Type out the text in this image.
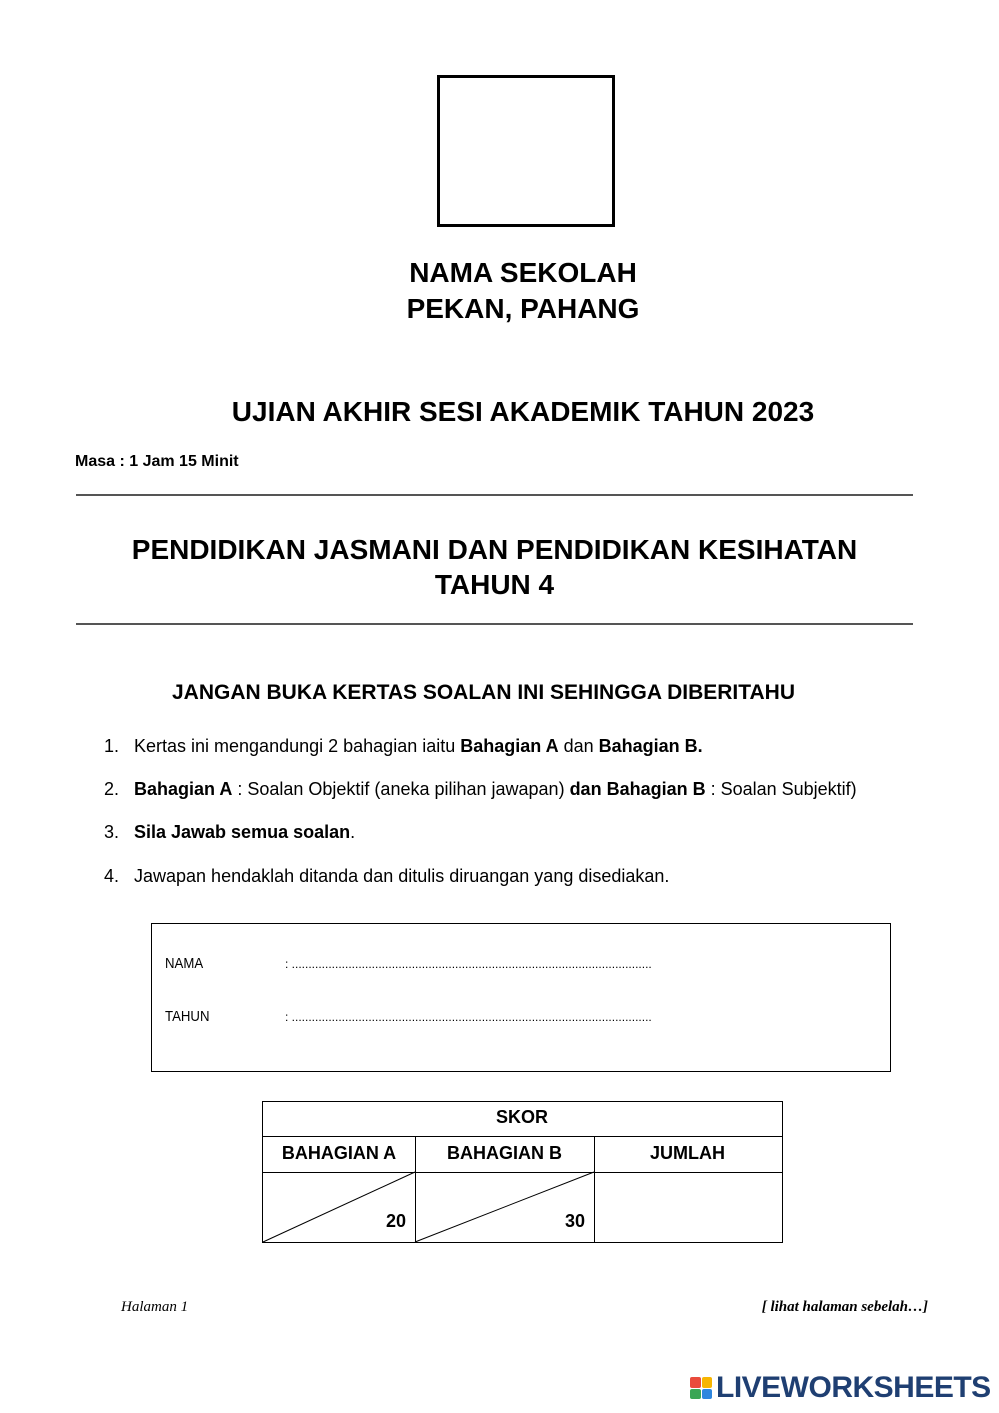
NAMA SEKOLAH
PEKAN, PAHANG
UJIAN AKHIR SESI AKADEMIK TAHUN 2023
Masa : 1 Jam 15 Minit
PENDIDIKAN JASMANI DAN PENDIDIKAN KESIHATAN
TAHUN 4
JANGAN BUKA KERTAS SOALAN INI SEHINGGA DIBERITAHU
1. Kertas ini mengandungi 2 bahagian iaitu Bahagian A dan Bahagian B.
2. Bahagian A : Soalan Objektif (aneka pilihan jawapan) dan Bahagian B : Soalan Subjektif)
3. Sila Jawab semua soalan.
4. Jawapan hendaklah ditanda dan ditulis diruangan yang disediakan.
NAMA	: ............................................................................................................
TAHUN	: ............................................................................................................
SKOR
BAHAGIAN A	BAHAGIAN B	JUMLAH
20	30
Halaman 1	[ lihat halaman sebelah…]
LIVEWORKSHEETS
